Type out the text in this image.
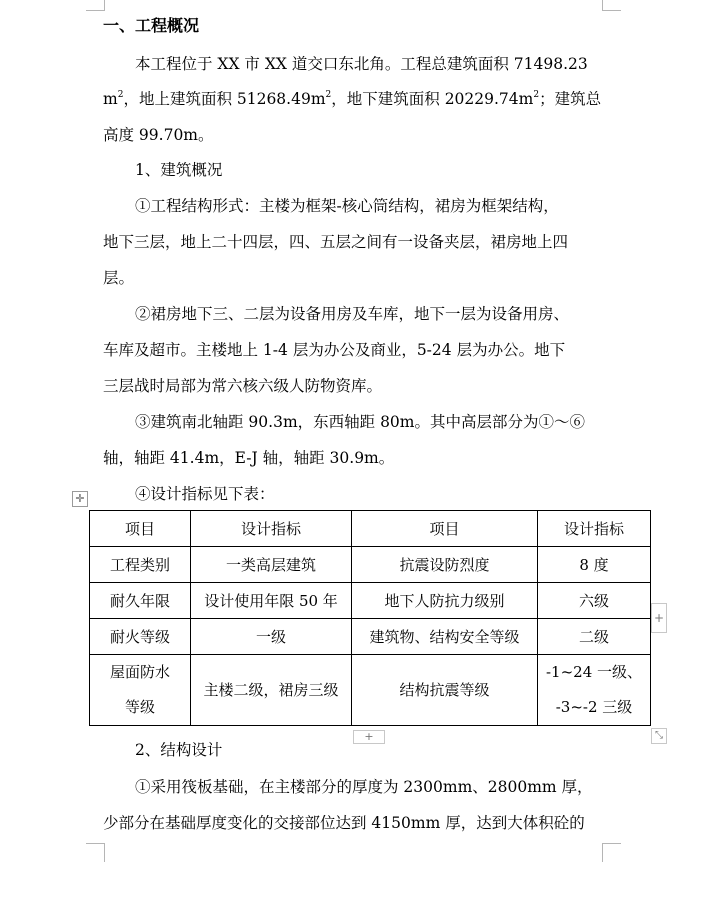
一、工程概况
本工程位于 XX 市 XX 道交口东北角。工程总建筑面积 71498.23
$m^2$，地上建筑面积 $51268.49m^2$，地下建筑面积 $20229.74m^2$；建筑总
高度 99.70m。
1、建筑概况
①工程结构形式：主楼为框架-核心筒结构，裙房为框架结构，
地下三层，地上二十四层，四、五层之间有一设备夹层，裙房地上四
层。
②裙房地下三、二层为设备用房及车库，地下一层为设备用房、
车库及超市。主楼地上 1-4 层为办公及商业，5-24 层为办公。地下
三层战时局部为常六核六级人防物资库。
③建筑南北轴距 90.3m，东西轴距 80m。其中高层部分为①～⑥
轴，轴距 41.4m，E-J 轴，轴距 30.9m。
④设计指标见下表：
✛
项目	设计指标	项目	设计指标
工程类别	一类高层建筑	抗震设防烈度	8 度
耐久年限	设计使用年限 50 年	地下人防抗力级别	六级
耐火等级	一级	建筑物、结构安全等级	二级
屋面防水
等级	主楼二级，裙房三级	结构抗震等级	-1~24 一级、
-3~-2 三级
+
+	⤡
2、结构设计
①采用筏板基础，在主楼部分的厚度为 2300mm、2800mm 厚，
少部分在基础厚度变化的交接部位达到 4150mm 厚，达到大体积砼的
